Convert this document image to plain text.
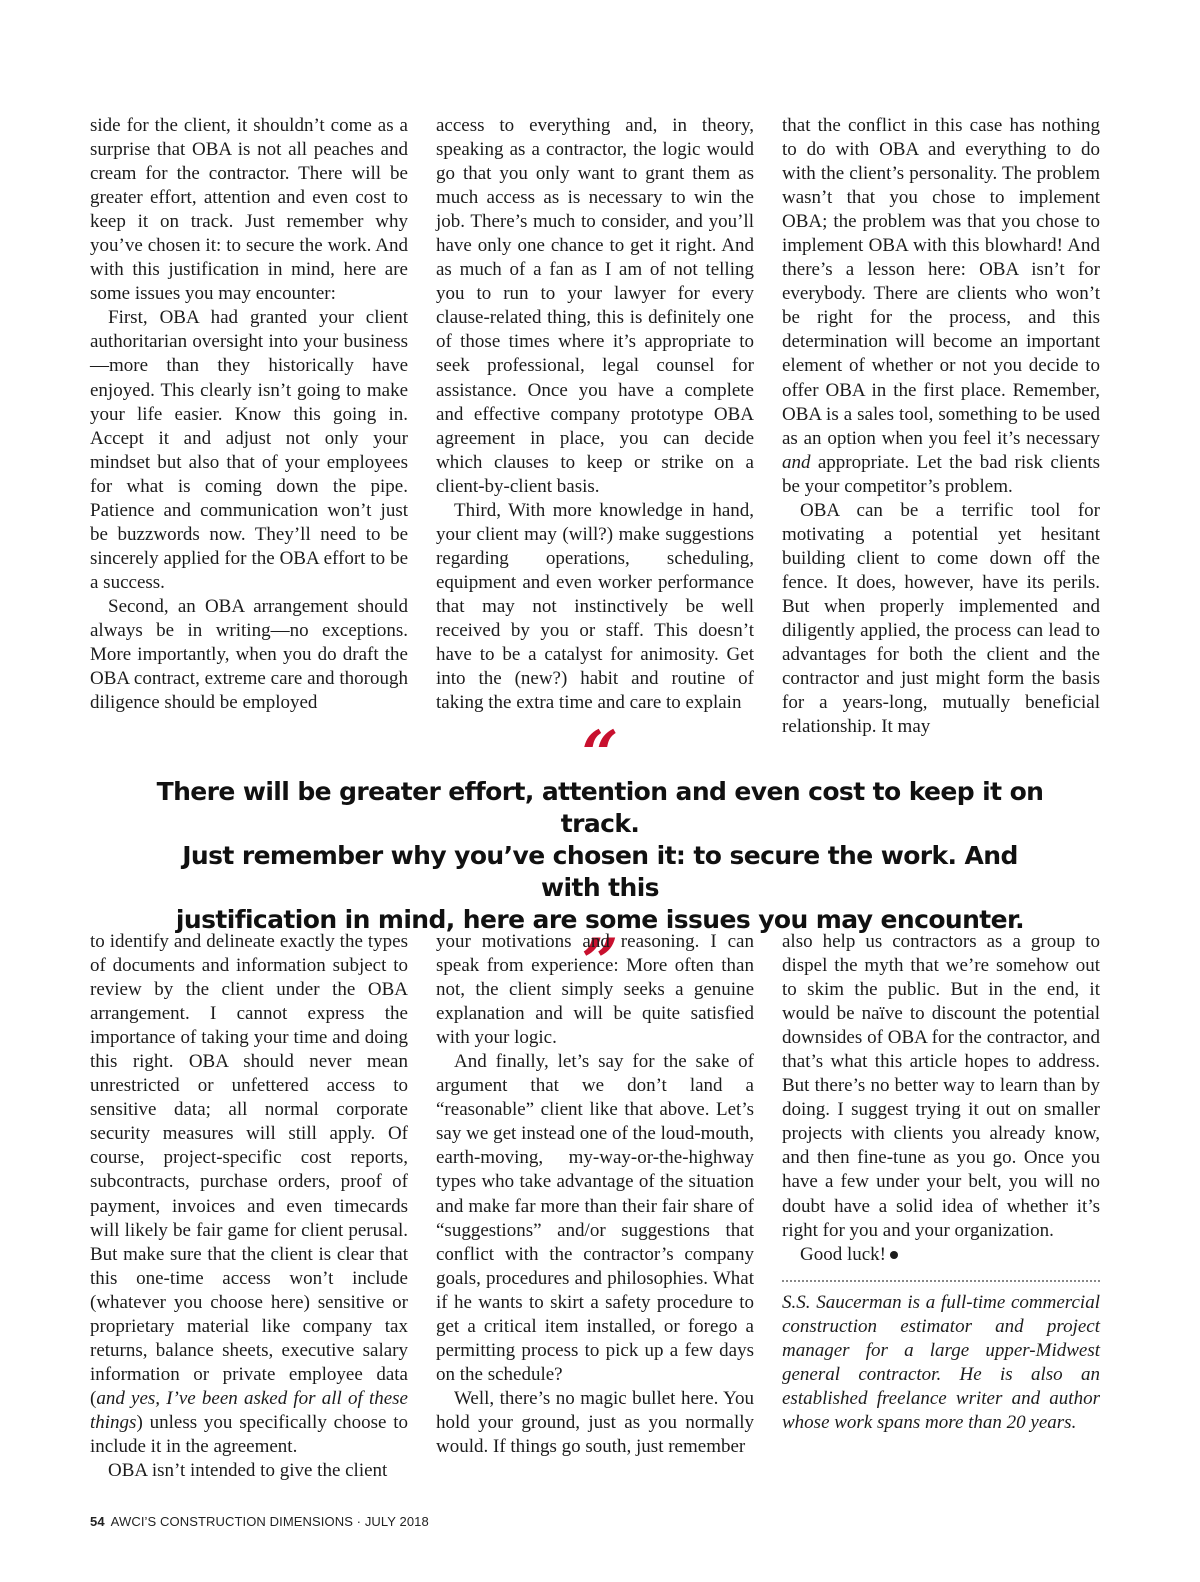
side for the client, it shouldn’t come as a surprise that OBA is not all peaches and cream for the contractor. There will be greater effort, attention and even cost to keep it on track. Just remember why you’ve chosen it: to secure the work. And with this justification in mind, here are some issues you may encounter:

First, OBA had granted your client authoritarian oversight into your business—more than they historically have enjoyed. This clearly isn’t going to make your life easier. Know this going in. Accept it and adjust not only your mindset but also that of your employees for what is coming down the pipe. Patience and communication won’t just be buzzwords now. They’ll need to be sincerely applied for the OBA effort to be a success.

Second, an OBA arrangement should always be in writing—no exceptions. More importantly, when you do draft the OBA contract, extreme care and thorough diligence should be employed

access to everything and, in theory, speaking as a contractor, the logic would go that you only want to grant them as much access as is necessary to win the job. There’s much to consider, and you’ll have only one chance to get it right. And as much of a fan as I am of not telling you to run to your lawyer for every clause-related thing, this is definitely one of those times where it’s appropriate to seek professional, legal counsel for assistance. Once you have a complete and effective company prototype OBA agreement in place, you can decide which clauses to keep or strike on a client-by-client basis.

Third, With more knowledge in hand, your client may (will?) make suggestions regarding operations, scheduling, equipment and even worker performance that may not instinctively be well received by you or staff. This doesn’t have to be a catalyst for animosity. Get into the (new?) habit and routine of taking the extra time and care to explain

that the conflict in this case has nothing to do with OBA and everything to do with the client’s personality. The problem wasn’t that you chose to implement OBA; the problem was that you chose to implement OBA with this blowhard! And there’s a lesson here: OBA isn’t for everybody. There are clients who won’t be right for the process, and this determination will become an important element of whether or not you decide to offer OBA in the first place. Remember, OBA is a sales tool, something to be used as an option when you feel it’s necessary and appropriate. Let the bad risk clients be your competitor’s problem.

OBA can be a terrific tool for motivating a potential yet hesitant building client to come down off the fence. It does, however, have its perils. But when properly implemented and diligently applied, the process can lead to advantages for both the client and the contractor and just might form the basis for a years-long, mutually beneficial relationship. It may

“
There will be greater effort, attention and even cost to keep it on track.
Just remember why you’ve chosen it: to secure the work. And with this
justification in mind, here are some issues you may encounter.
”

to identify and delineate exactly the types of documents and information subject to review by the client under the OBA arrangement. I cannot express the importance of taking your time and doing this right. OBA should never mean unrestricted or unfettered access to sensitive data; all normal corporate security measures will still apply. Of course, project-specific cost reports, subcontracts, purchase orders, proof of payment, invoices and even timecards will likely be fair game for client perusal. But make sure that the client is clear that this one-time access won’t include (whatever you choose here) sensitive or proprietary material like company tax returns, balance sheets, executive salary information or private employee data (and yes, I’ve been asked for all of these things) unless you specifically choose to include it in the agreement.

OBA isn’t intended to give the client

your motivations and reasoning. I can speak from experience: More often than not, the client simply seeks a genuine explanation and will be quite satisfied with your logic.

And finally, let’s say for the sake of argument that we don’t land a “reasonable” client like that above. Let’s say we get instead one of the loud-mouth, earth-moving, my-way-or-the-highway types who take advantage of the situation and make far more than their fair share of “suggestions” and/or suggestions that conflict with the contractor’s company goals, procedures and philosophies. What if he wants to skirt a safety procedure to get a critical item installed, or forego a permitting process to pick up a few days on the schedule?

Well, there’s no magic bullet here. You hold your ground, just as you normally would. If things go south, just remember

also help us contractors as a group to dispel the myth that we’re somehow out to skim the public. But in the end, it would be naïve to discount the potential downsides of OBA for the contractor, and that’s what this article hopes to address. But there’s no better way to learn than by doing. I suggest trying it out on smaller projects with clients you already know, and then fine-tune as you go. Once you have a few under your belt, you will no doubt have a solid idea of whether it’s right for you and your organization.

Good luck!

S.S. Saucerman is a full-time commercial construction estimator and project manager for a large upper-Midwest general contractor. He is also an established freelance writer and author whose work spans more than 20 years.

54 AWCI’S CONSTRUCTION DIMENSIONS · JULY 2018
